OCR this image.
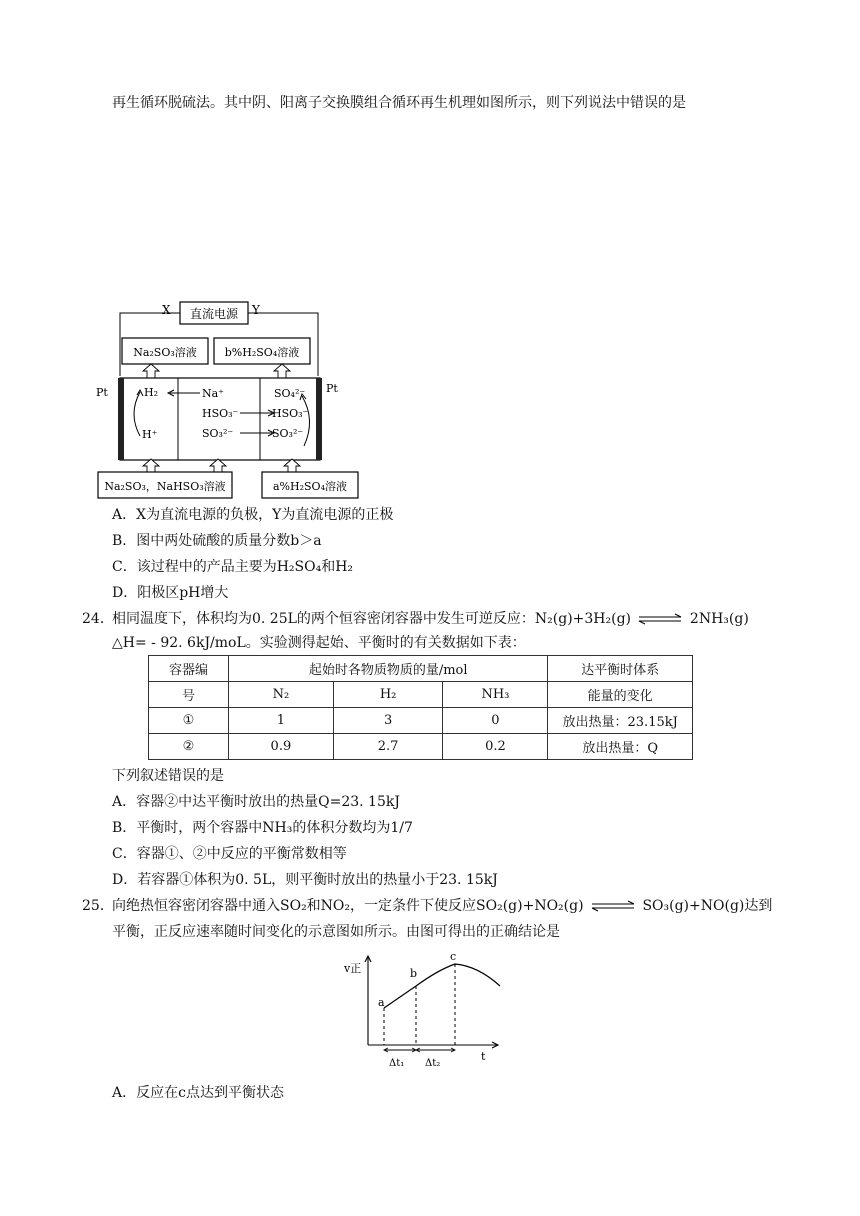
再生循环脱硫法。其中阴、阳离子交换膜组合循环再生机理如图所示，则下列说法中错误的是
直流电源
X	Y
Na₂SO₃溶液	b%H₂SO₄溶液
Pt	Pt
H₂
H⁺
Na⁺
HSO₃⁻
SO₃²⁻
SO₄²⁻
HSO₃⁻
SO₃²⁻
Na₂SO₃，NaHSO₃溶液	a%H₂SO₄溶液
A．X为直流电源的负极，Y为直流电源的正极
B．图中两处硫酸的质量分数b＞a
C．该过程中的产品主要为H₂SO₄和H₂
D．阳极区pH增大
24．
相同温度下，体积均为0. 25L的两个恒容密闭容器中发生可逆反应：N₂(g)+3H₂(g) ⇌ 2NH₃(g)
△H= - 92. 6kJ/moL。实验测得起始、平衡时的有关数据如下表：
容器编	起始时各物质物质的量/mol			达平衡时体系
号	N₂	H₂	NH₃	能量的变化
①	1	3	0	放出热量：23.15kJ
②	0.9	2.7	0.2	放出热量：Q
下列叙述错误的是
A．容器②中达平衡时放出的热量Q=23. 15kJ
B．平衡时，两个容器中NH₃的体积分数均为1/7
C．容器①、②中反应的平衡常数相等
D．若容器①体积为0. 5L，则平衡时放出的热量小于23. 15kJ
25．
向绝热恒容密闭容器中通入SO₂和NO₂，一定条件下使反应SO₂(g)+NO₂(g) ⇌ SO₃(g)+NO(g)达到
平衡，正反应速率随时间变化的示意图如所示。由图可得出的正确结论是
v正
t
a
b
c
Δt₁ Δt₂
A．反应在c点达到平衡状态
